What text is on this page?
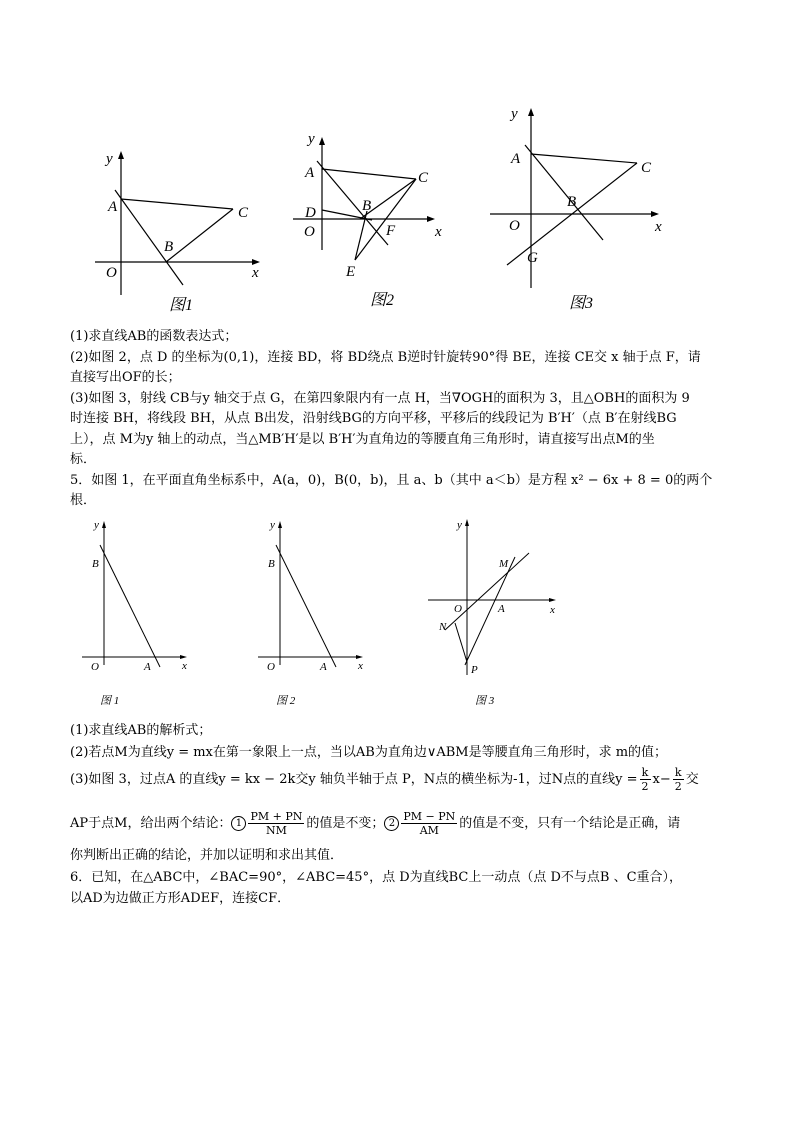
y
x
O
A
B
C
图1
y
x
O
A
D	B
C
F
E
图2
y
x
O
A
B
C
G
图3
(1)求直线AB的函数表达式；
(2)如图 2，点 D 的坐标为(0,1)，连接 BD，将 BD绕点 B逆时针旋转90°得 BE，连接 CE交 x 轴于点 F，请
直接写出OF的长；
(3)如图 3，射线 CB与y 轴交于点 G，在第四象限内有一点 H，当∇OGH的面积为 3，且△OBH的面积为 9
时连接 BH，将线段 BH，从点 B出发，沿射线BG的方向平移，平移后的线段记为 B′H′（点 B′在射线BG
上），点 M为y 轴上的动点，当△MB′H′是以 B′H′为直角边的等腰直角三角形时，请直接写出点M的坐
标．
5．如图 1，在平面直角坐标系中，A(a，0)，B(0，b)，且 a、b（其中 a＜b）是方程 x² − 6x + 8 = 0的两个
根．
y
x
O
B
A
图 1
y
x
O
B
A
图 2
y
x
O	A
M
N
P
图 3
(1)求直线AB的解析式；
(2)若点M为直线y = mx在第一象限上一点，当以AB为直角边∨ABM是等腰直角三角形时，求 m的值；
(3)如图 3，过点A 的直线y = kx − 2k交y 轴负半轴于点 P，N点的横坐标为-1，过N点的直线$y = \frac{k}{2} x- \frac{k}{2}$ 交
AP于点M，给出两个结论： $1 \frac{PM + PN}{NM}$ 的值是不变； $2 \frac{PM - PN}{AM}$ 的值是不变，只有一个结论是正确，请
你判断出正确的结论，并加以证明和求出其值．
6．已知，在△ABC中，∠BAC=90°，∠ABC=45°，点 D为直线BC上一动点（点 D不与点B 、C重合），
以AD为边做正方形ADEF，连接CF．
